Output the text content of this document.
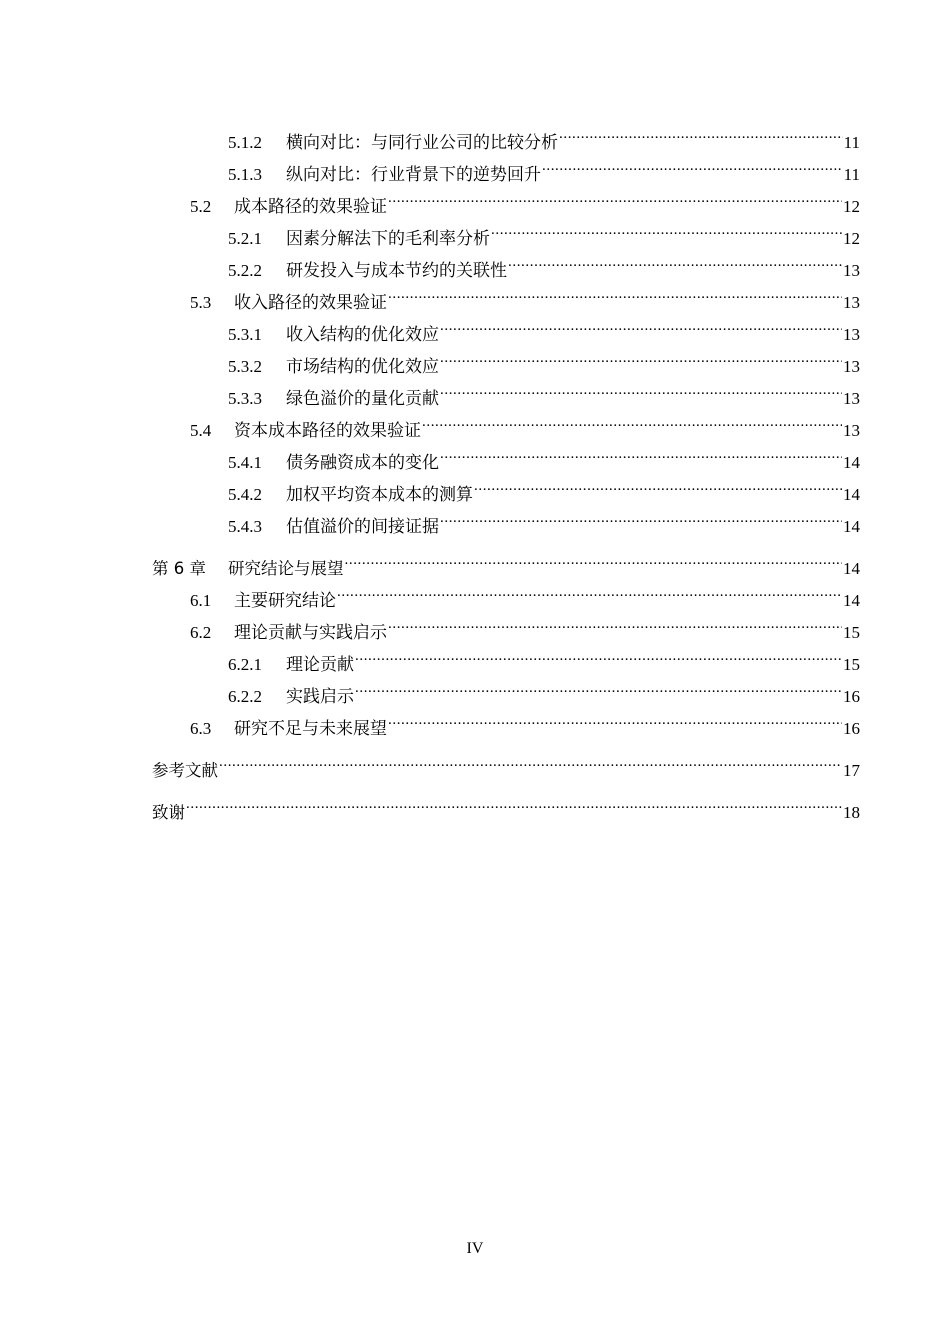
5.1.2	横向对比：与同行业公司的比较分析 .....	11
5.1.3	纵向对比：行业背景下的逆势回升 .....	11
5.2	成本路径的效果验证 .....	12
5.2.1	因素分解法下的毛利率分析 .....	12
5.2.2	研发投入与成本节约的关联性 .....	13
5.3	收入路径的效果验证 .....	13
5.3.1	收入结构的优化效应 .....	13
5.3.2	市场结构的优化效应 .....	13
5.3.3	绿色溢价的量化贡献 .....	13
5.4	资本成本路径的效果验证 .....	13
5.4.1	债务融资成本的变化 .....	14
5.4.2	加权平均资本成本的测算 .....	14
5.4.3	估值溢价的间接证据 .....	14
第 6 章	研究结论与展望 .....	14
6.1	主要研究结论 .....	14
6.2	理论贡献与实践启示 .....	15
6.2.1	理论贡献 .....	15
6.2.2	实践启示 .....	16
6.3	研究不足与未来展望 .....	16
参考文献 .....	17
致谢 .....	18
IV
